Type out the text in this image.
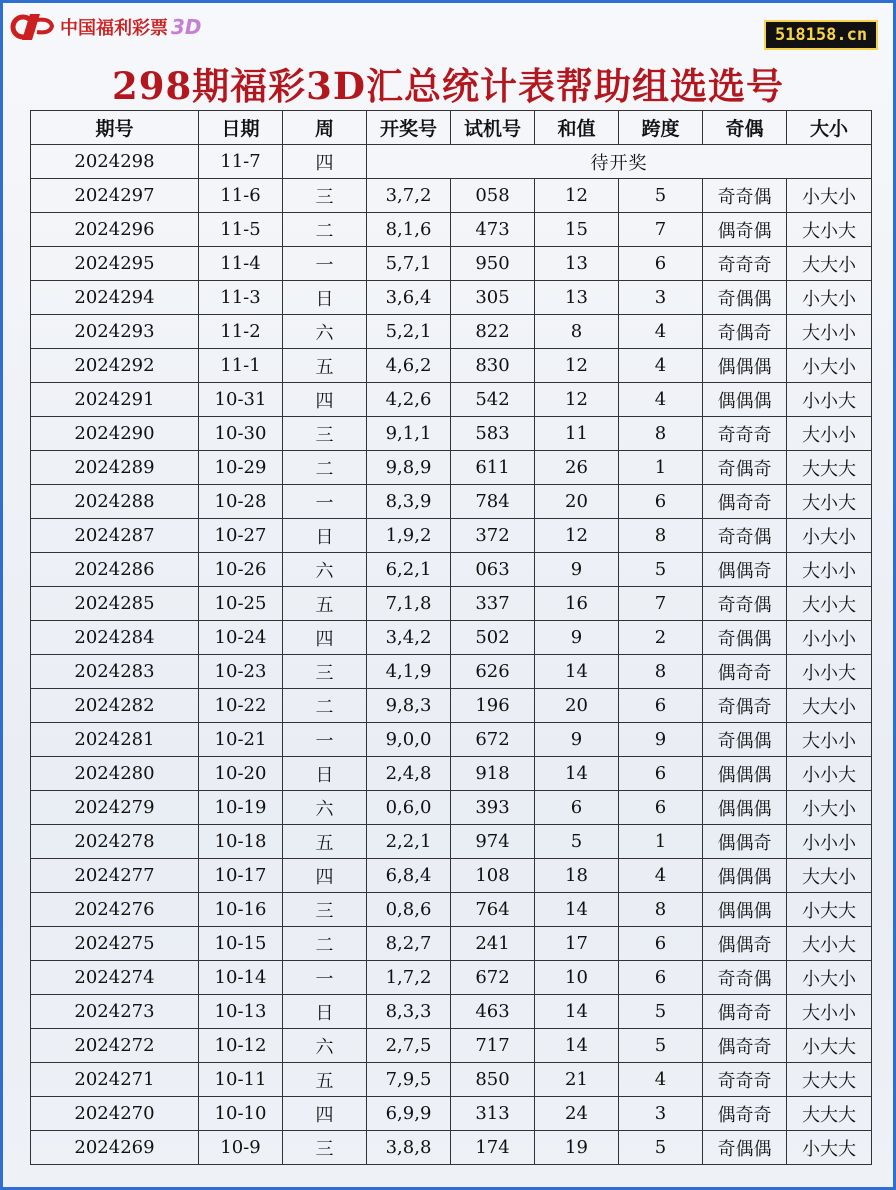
中国福利彩票 3D	518158.cn
298期福彩3D汇总统计表帮助组选选号
期号	日期	周	开奖号	试机号	和值	跨度	奇偶	大小
2024298	11-7	四	待开奖					
2024297	11-6	三	3,7,2	058	12	5	奇奇偶	小大小
2024296	11-5	二	8,1,6	473	15	7	偶奇偶	大小大
2024295	11-4	一	5,7,1	950	13	6	奇奇奇	大大小
2024294	11-3	日	3,6,4	305	13	3	奇偶偶	小大小
2024293	11-2	六	5,2,1	822	8	4	奇偶奇	大小小
2024292	11-1	五	4,6,2	830	12	4	偶偶偶	小大小
2024291	10-31	四	4,2,6	542	12	4	偶偶偶	小小大
2024290	10-30	三	9,1,1	583	11	8	奇奇奇	大小小
2024289	10-29	二	9,8,9	611	26	1	奇偶奇	大大大
2024288	10-28	一	8,3,9	784	20	6	偶奇奇	大小大
2024287	10-27	日	1,9,2	372	12	8	奇奇偶	小大小
2024286	10-26	六	6,2,1	063	9	5	偶偶奇	大小小
2024285	10-25	五	7,1,8	337	16	7	奇奇偶	大小大
2024284	10-24	四	3,4,2	502	9	2	奇偶偶	小小小
2024283	10-23	三	4,1,9	626	14	8	偶奇奇	小小大
2024282	10-22	二	9,8,3	196	20	6	奇偶奇	大大小
2024281	10-21	一	9,0,0	672	9	9	奇偶偶	大小小
2024280	10-20	日	2,4,8	918	14	6	偶偶偶	小小大
2024279	10-19	六	0,6,0	393	6	6	偶偶偶	小大小
2024278	10-18	五	2,2,1	974	5	1	偶偶奇	小小小
2024277	10-17	四	6,8,4	108	18	4	偶偶偶	大大小
2024276	10-16	三	0,8,6	764	14	8	偶偶偶	小大大
2024275	10-15	二	8,2,7	241	17	6	偶偶奇	大小大
2024274	10-14	一	1,7,2	672	10	6	奇奇偶	小大小
2024273	10-13	日	8,3,3	463	14	5	偶奇奇	大小小
2024272	10-12	六	2,7,5	717	14	5	偶奇奇	小大大
2024271	10-11	五	7,9,5	850	21	4	奇奇奇	大大大
2024270	10-10	四	6,9,9	313	24	3	偶奇奇	大大大
2024269	10-9	三	3,8,8	174	19	5	奇偶偶	小大大
